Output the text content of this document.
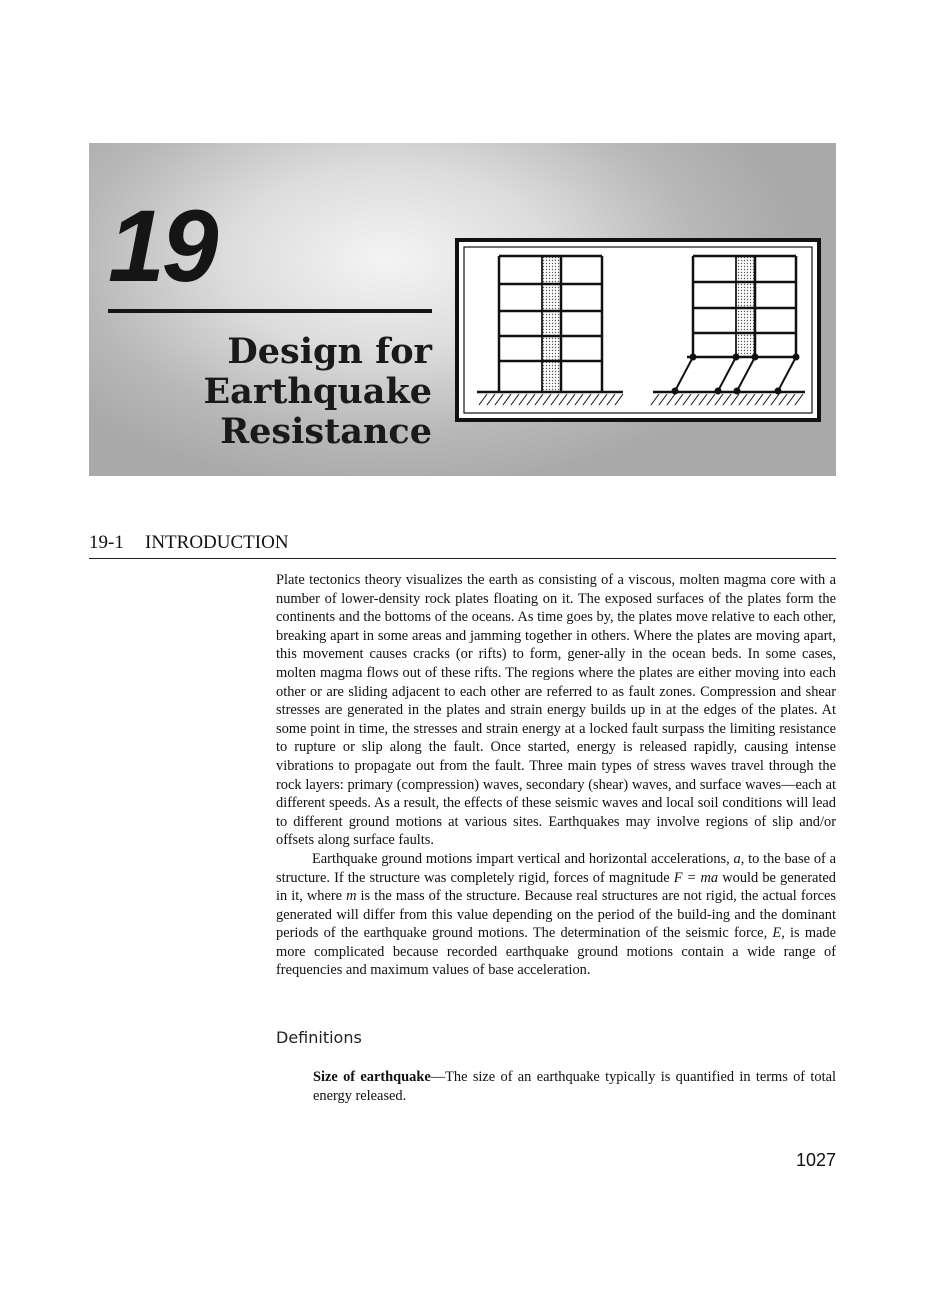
19
Design for
Earthquake
Resistance
19-1 INTRODUCTION

Plate tectonics theory visualizes the earth as consisting of a viscous, molten magma core with a number of lower-density rock plates floating on it. The exposed surfaces of the plates form the continents and the bottoms of the oceans. As time goes by, the plates move relative to each other, breaking apart in some areas and jamming together in others. Where the plates are moving apart, this movement causes cracks (or rifts) to form, gener-ally in the ocean beds. In some cases, molten magma flows out of these rifts. The regions where the plates are either moving into each other or are sliding adjacent to each other are referred to as fault zones. Compression and shear stresses are generated in the plates and strain energy builds up in at the edges of the plates. At some point in time, the stresses and strain energy at a locked fault surpass the limiting resistance to rupture or slip along the fault. Once started, energy is released rapidly, causing intense vibrations to propagate out from the fault. Three main types of stress waves travel through the rock layers: primary (compression) waves, secondary (shear) waves, and surface waves—each at different speeds. As a result, the effects of these seismic waves and local soil conditions will lead to different ground motions at various sites. Earthquakes may involve regions of slip and/or offsets along surface faults.

Earthquake ground motions impart vertical and horizontal accelerations, a, to the base of a structure. If the structure was completely rigid, forces of magnitude F = ma would be generated in it, where m is the mass of the structure. Because real structures are not rigid, the actual forces generated will differ from this value depending on the period of the build-ing and the dominant periods of the earthquake ground motions. The determination of the seismic force, E, is made more complicated because recorded earthquake ground motions contain a wide range of frequencies and maximum values of base acceleration.

Definitions
Size of earthquake—The size of an earthquake typically is quantified in terms of total energy released.
1027
